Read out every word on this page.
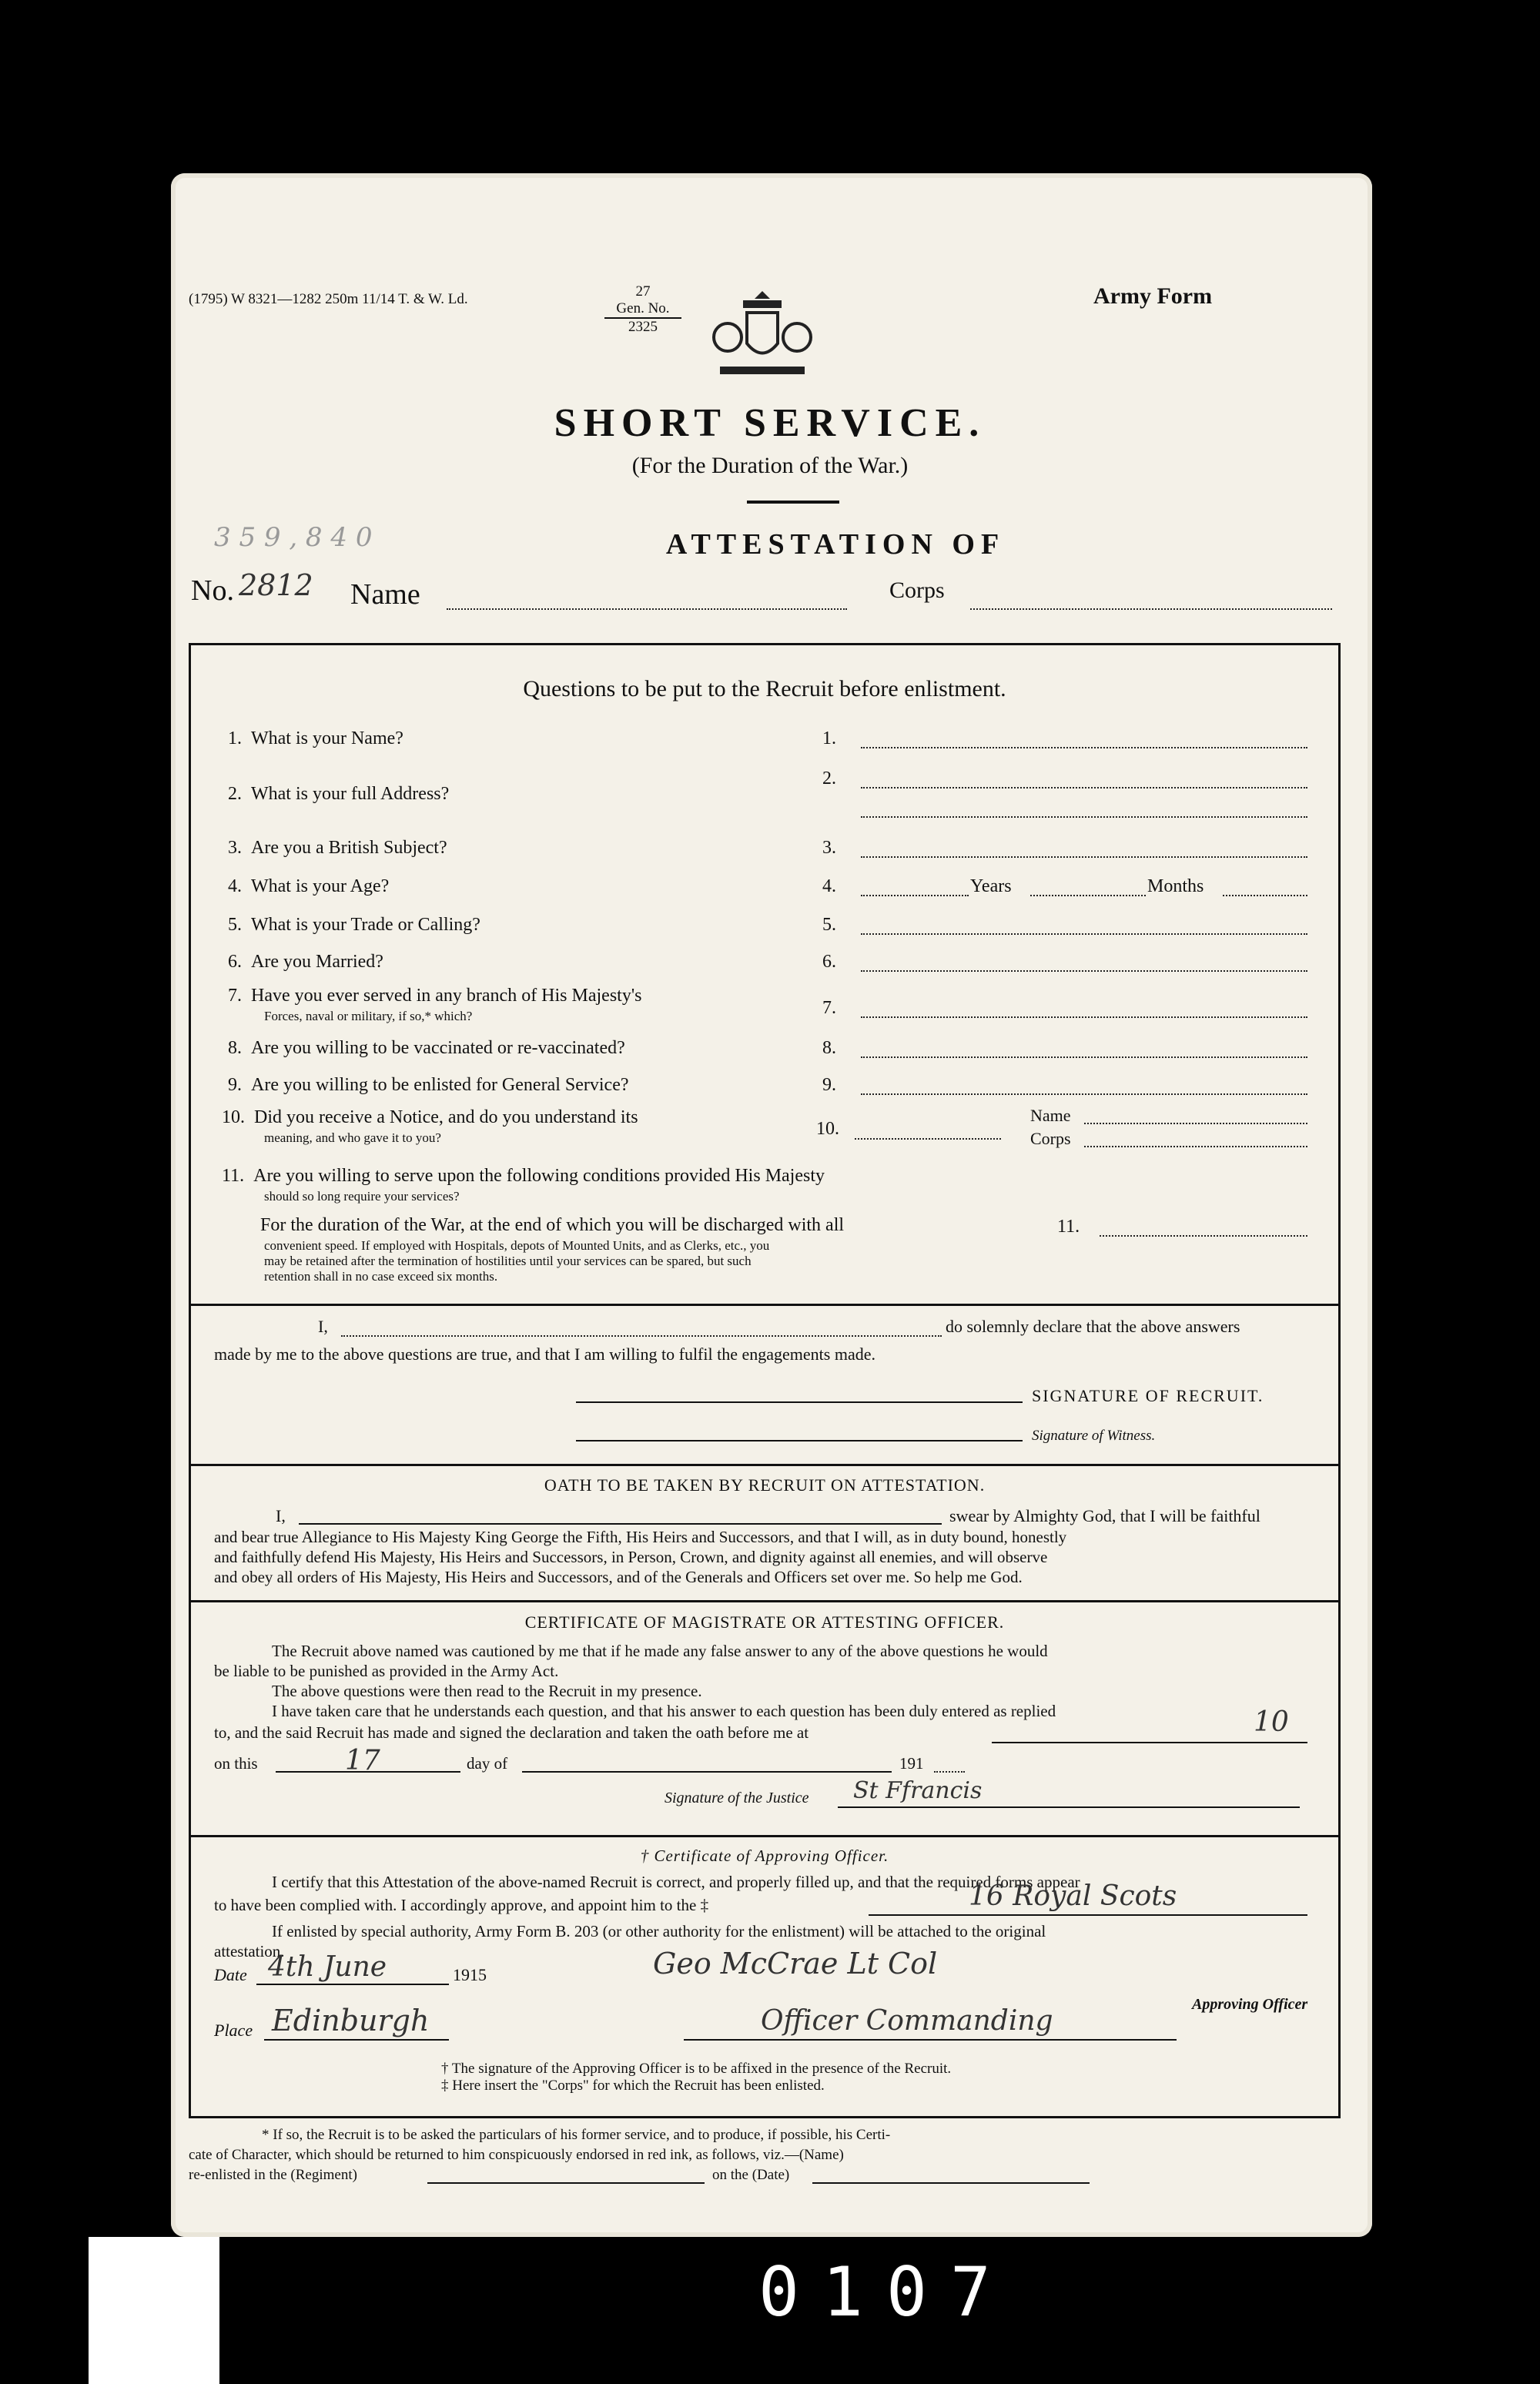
(1795) W 8321—1282 250m 11/14 T. & W. Ld.	27
Gen. No.
2325
Army Form
SHORT SERVICE.
(For the Duration of the War.)
3 5 9 , 8 4 0	ATTESTATION OF
No. 2812 Name	Corps
Questions to be put to the Recruit before enlistment.
1. What is your Name?	1.
2. What is your full Address?
2.
3. Are you a British Subject?	3.
4. What is your Age?	4.	Years	Months
5. What is your Trade or Calling?	5.
6. Are you Married?	6.
7. Have you ever served in any branch of His Majesty's
Forces, naval or military, if so,* which?	7.
8. Are you willing to be vaccinated or re-vaccinated?	8.
9. Are you willing to be enlisted for General Service?	9.
10. Did you receive a Notice, and do you understand its
meaning, and who gave it to you?	10.
Name
Corps
11. Are you willing to serve upon the following conditions provided His Majesty
should so long require your services?
For the duration of the War, at the end of which you will be discharged with all
convenient speed. If employed with Hospitals, depots of Mounted Units, and as Clerks, etc., you
may be retained after the termination of hostilities until your services can be spared, but such
retention shall in no case exceed six months.
11.
I,	do solemnly declare that the above answers
made by me to the above questions are true, and that I am willing to fulfil the engagements made.
SIGNATURE OF RECRUIT.
Signature of Witness.
OATH TO BE TAKEN BY RECRUIT ON ATTESTATION.
I,	swear by Almighty God, that I will be faithful
and bear true Allegiance to His Majesty King George the Fifth, His Heirs and Successors, and that I will, as in duty bound, honestly
and faithfully defend His Majesty, His Heirs and Successors, in Person, Crown, and dignity against all enemies, and will observe
and obey all orders of His Majesty, His Heirs and Successors, and of the Generals and Officers set over me. So help me God.
CERTIFICATE OF MAGISTRATE OR ATTESTING OFFICER.
The Recruit above named was cautioned by me that if he made any false answer to any of the above questions he would
be liable to be punished as provided in the Army Act.
The above questions were then read to the Recruit in my presence.
I have taken care that he understands each question, and that his answer to each question has been duly entered as replied
to, and the said Recruit has made and signed the declaration and taken the oath before me at	10
on this	17	day of	191
Signature of the Justice St Ffrancis
† Certificate of Approving Officer.
I certify that this Attestation of the above-named Recruit is correct, and properly filled up, and that the required forms appear
to have been complied with. I accordingly approve, and appoint him to the ‡	16 Royal Scots
If enlisted by special authority, Army Form B. 203 (or other authority for the enlistment) will be attached to the original
attestation.
Date 4th June	1915	Geo McCrae Lt Col
Place Edinburgh	Officer Commanding
Approving Officer
† The signature of the Approving Officer is to be affixed in the presence of the Recruit.
‡ Here insert the "Corps" for which the Recruit has been enlisted.
* If so, the Recruit is to be asked the particulars of his former service, and to produce, if possible, his Certi-
cate of Character, which should be returned to him conspicuously endorsed in red ink, as follows, viz.—(Name)
re-enlisted in the (Regiment)	on the (Date)
0107
